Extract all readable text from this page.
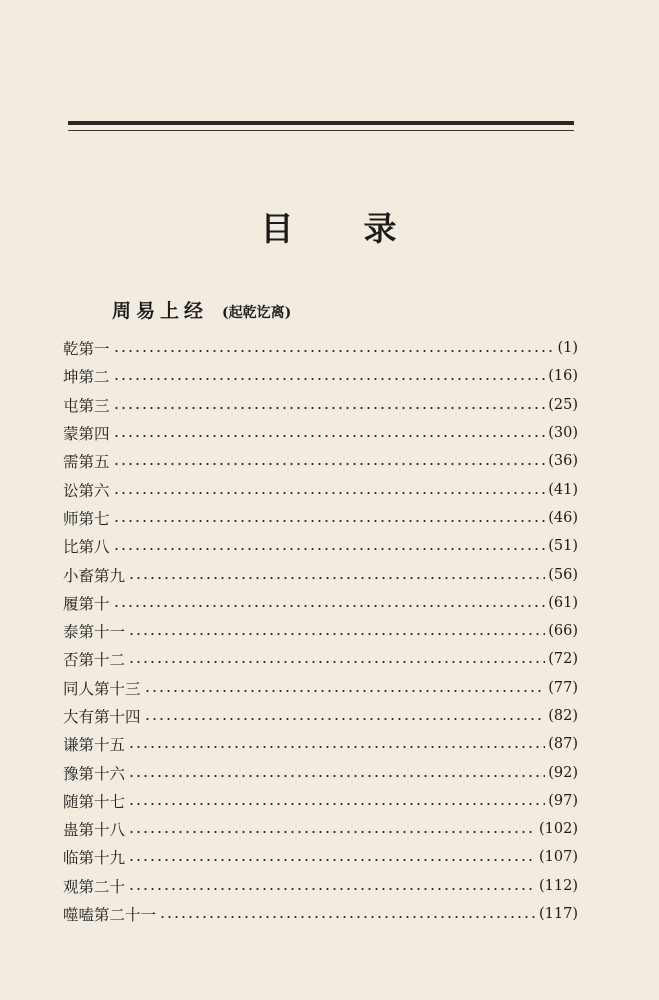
目 录
周易上经 (起乾讫离)
乾第一	(1)
坤第二	(16)
屯第三	(25)
蒙第四	(30)
需第五	(36)
讼第六	(41)
师第七	(46)
比第八	(51)
小畜第九	(56)
履第十	(61)
泰第十一	(66)
否第十二	(72)
同人第十三	(77)
大有第十四	(82)
谦第十五	(87)
豫第十六	(92)
随第十七	(97)
蛊第十八	(102)
临第十九	(107)
观第二十	(112)
噬嗑第二十一	(117)
